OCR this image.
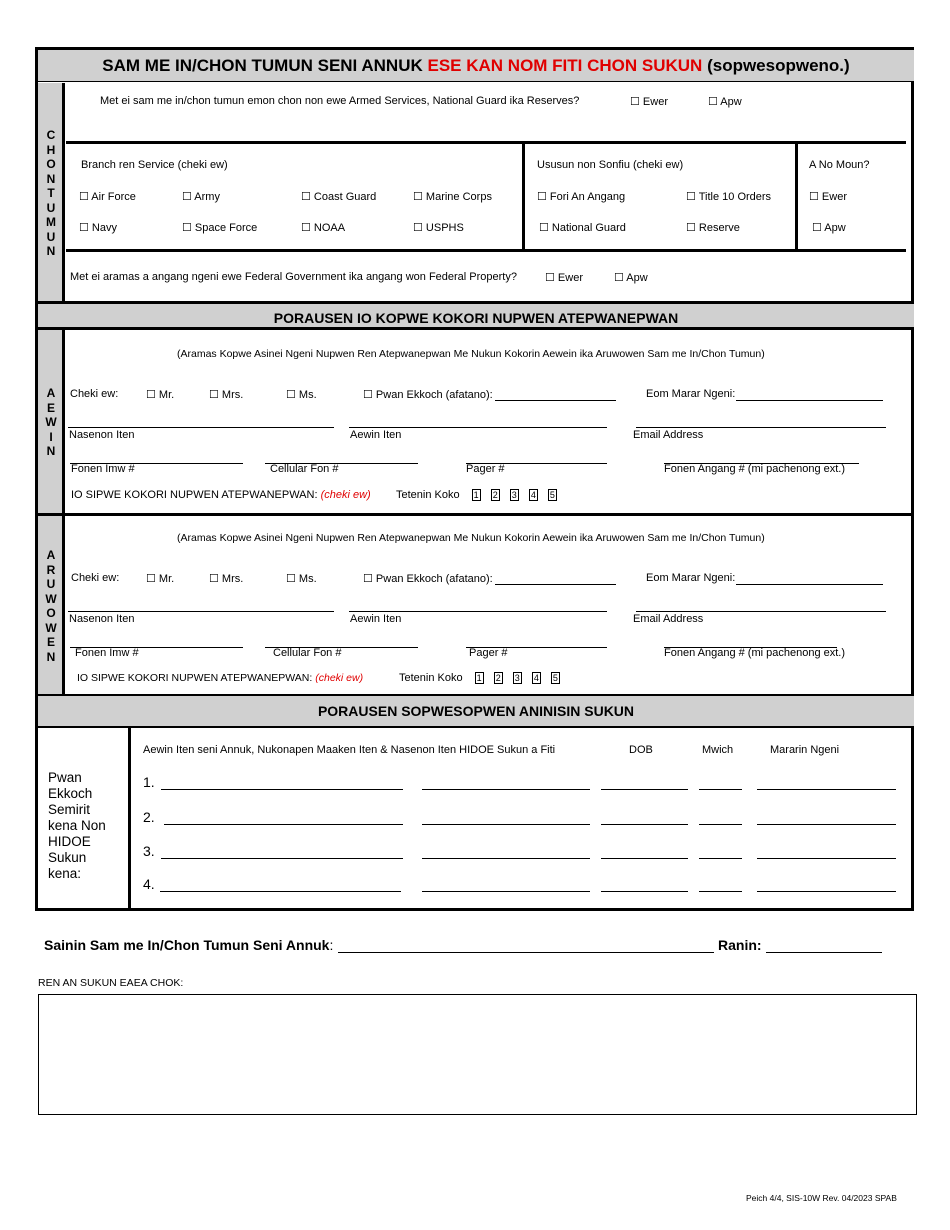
SAM ME IN/CHON TUMUN SENI ANNUK ESE KAN NOM FITI CHON SUKUN (sopwesopweno.)
C
H
O
N
T
U
M
U
N
Met ei sam me in/chon tumun emon chon non ewe Armed Services, National Guard ika Reserves?	☐ Ewer	☐ Apw
Branch ren Service (cheki ew)
☐ Air Force	☐ Army	☐ Coast Guard	☐ Marine Corps
☐ Navy	☐ Space Force	☐ NOAA	☐ USPHS
Ususun non Sonfiu (cheki ew)
☐ Fori An Angang	☐ Title 10 Orders
☐ National Guard	☐ Reserve
A No Moun?
☐ Ewer
☐ Apw
Met ei aramas a angang ngeni ewe Federal Government ika angang won Federal Property?	☐ Ewer	☐ Apw
PORAUSEN IO KOPWE KOKORI NUPWEN ATEPWANEPWAN
A
E
W
I
N
(Aramas Kopwe Asinei Ngeni Nupwen Ren Atepwanepwan Me Nukun Kokorin Aewein ika Aruwowen Sam me In/Chon Tumun)
Cheki ew:	☐ Mr.	☐ Mrs.	☐ Ms.	☐ Pwan Ekkoch (afatano):	Eom Marar Ngeni:
Nasenon Iten	Aewin Iten	Email Address
Fonen Imw #	Cellular Fon #	Pager #	Fonen Angang # (mi pachenong ext.)
IO SIPWE KOKORI NUPWEN ATEPWANEPWAN: (cheki ew) Tetenin Koko 1 2 3 4 5
A
R
U
W
O
W
E
N
(Aramas Kopwe Asinei Ngeni Nupwen Ren Atepwanepwan Me Nukun Kokorin Aewein ika Aruwowen Sam me In/Chon Tumun)
Cheki ew: ☐ Mr.	☐ Mrs.	☐ Ms.	☐ Pwan Ekkoch (afatano):	Eom Marar Ngeni:
Nasenon Iten	Aewin Iten	Email Address
Fonen Imw #	Cellular Fon #	Pager #	Fonen Angang # (mi pachenong ext.)
IO SIPWE KOKORI NUPWEN ATEPWANEPWAN: (cheki ew)	Tetenin Koko 1 2 3 4 5
PORAUSEN SOPWESOPWEN ANINISIN SUKUN
Pwan Ekkoch Semirit kena Non HIDOE Sukun kena:
Aewin Iten seni Annuk, Nukonapen Maaken Iten & Nasenon Iten HIDOE Sukun a Fiti	DOB	Mwich	Mararin Ngeni
1.
2.
3.
4.
Sainin Sam me In/Chon Tumun Seni Annuk:	Ranin:
REN AN SUKUN EAEA CHOK:
Peich 4/4, SIS-10W Rev. 04/2023 SPAB
